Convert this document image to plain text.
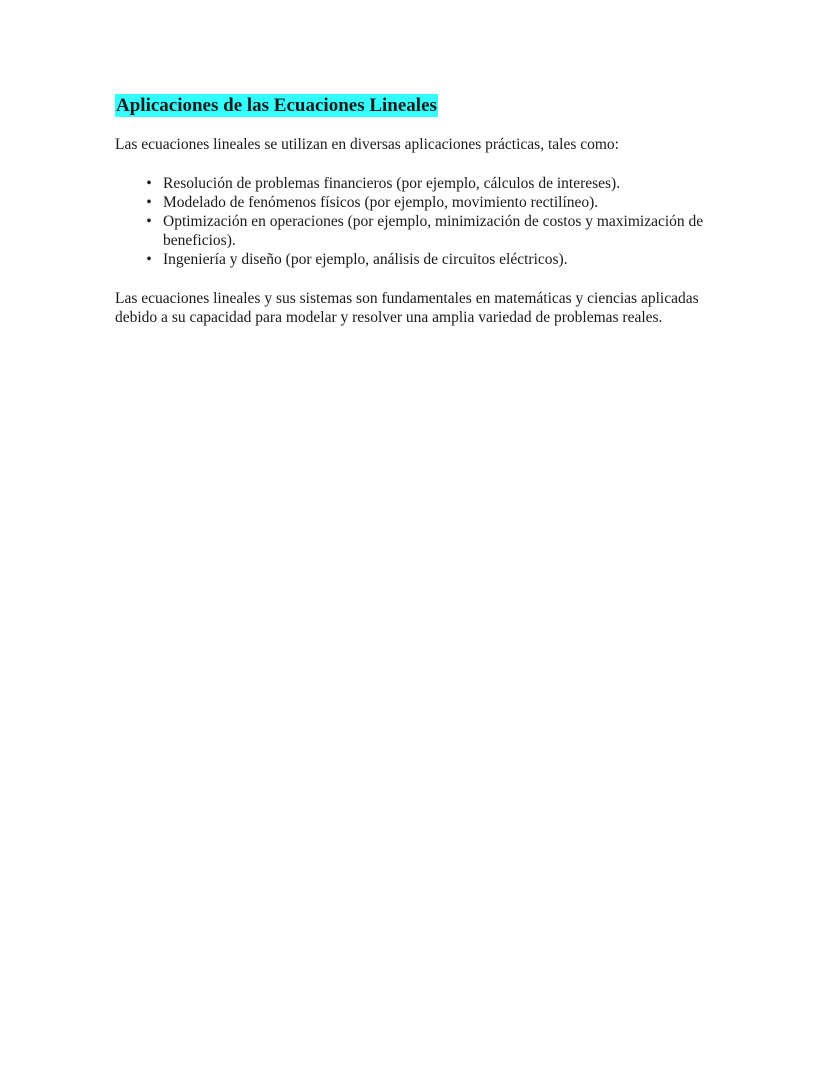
Aplicaciones de las Ecuaciones Lineales

Las ecuaciones lineales se utilizan en diversas aplicaciones prácticas, tales como:

• Resolución de problemas financieros (por ejemplo, cálculos de intereses).
• Modelado de fenómenos físicos (por ejemplo, movimiento rectilíneo).
• Optimización en operaciones (por ejemplo, minimización de costos y maximización de beneficios).
• Ingeniería y diseño (por ejemplo, análisis de circuitos eléctricos).

Las ecuaciones lineales y sus sistemas son fundamentales en matemáticas y ciencias aplicadas debido a su capacidad para modelar y resolver una amplia variedad de problemas reales.
